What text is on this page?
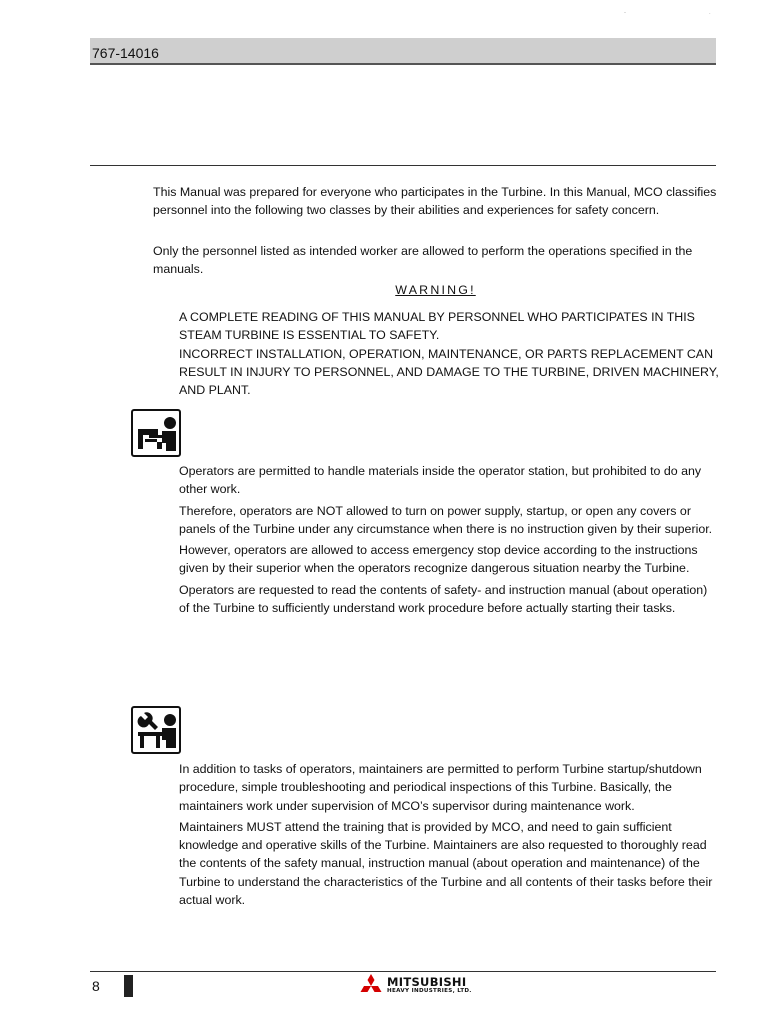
-	.
767-14016

This Manual was prepared for everyone who participates in the Turbine. In this Manual, MCO classifies personnel into the following two classes by their abilities and experiences for safety concern.

Only the personnel listed as intended worker are allowed to perform the operations specified in the manuals.

WARNING!
A COMPLETE READING OF THIS MANUAL BY PERSONNEL WHO PARTICIPATES IN THIS STEAM TURBINE IS ESSENTIAL TO SAFETY.
INCORRECT INSTALLATION, OPERATION, MAINTENANCE, OR PARTS REPLACEMENT CAN RESULT IN INJURY TO PERSONNEL, AND DAMAGE TO THE TURBINE, DRIVEN MACHINERY, AND PLANT.

Operators are permitted to handle materials inside the operator station, but prohibited to do any other work.

Therefore, operators are NOT allowed to turn on power supply, startup, or open any covers or panels of the Turbine under any circumstance when there is no instruction given by their superior.

However, operators are allowed to access emergency stop device according to the instructions given by their superior when the operators recognize dangerous situation nearby the Turbine.

Operators are requested to read the contents of safety- and instruction manual (about operation) of the Turbine to sufficiently understand work procedure before actually starting their tasks.

In addition to tasks of operators, maintainers are permitted to perform Turbine startup/shutdown procedure, simple troubleshooting and periodical inspections of this Turbine. Basically, the maintainers work under supervision of MCO’s supervisor during maintenance work.

Maintainers MUST attend the training that is provided by MCO, and need to gain sufficient knowledge and operative skills of the Turbine. Maintainers are also requested to thoroughly read the contents of the safety manual, instruction manual (about operation and maintenance) of the Turbine to understand the characteristics of the Turbine and all contents of their tasks before their actual work.

8	MITSUBISHI
HEAVY INDUSTRIES, LTD.
